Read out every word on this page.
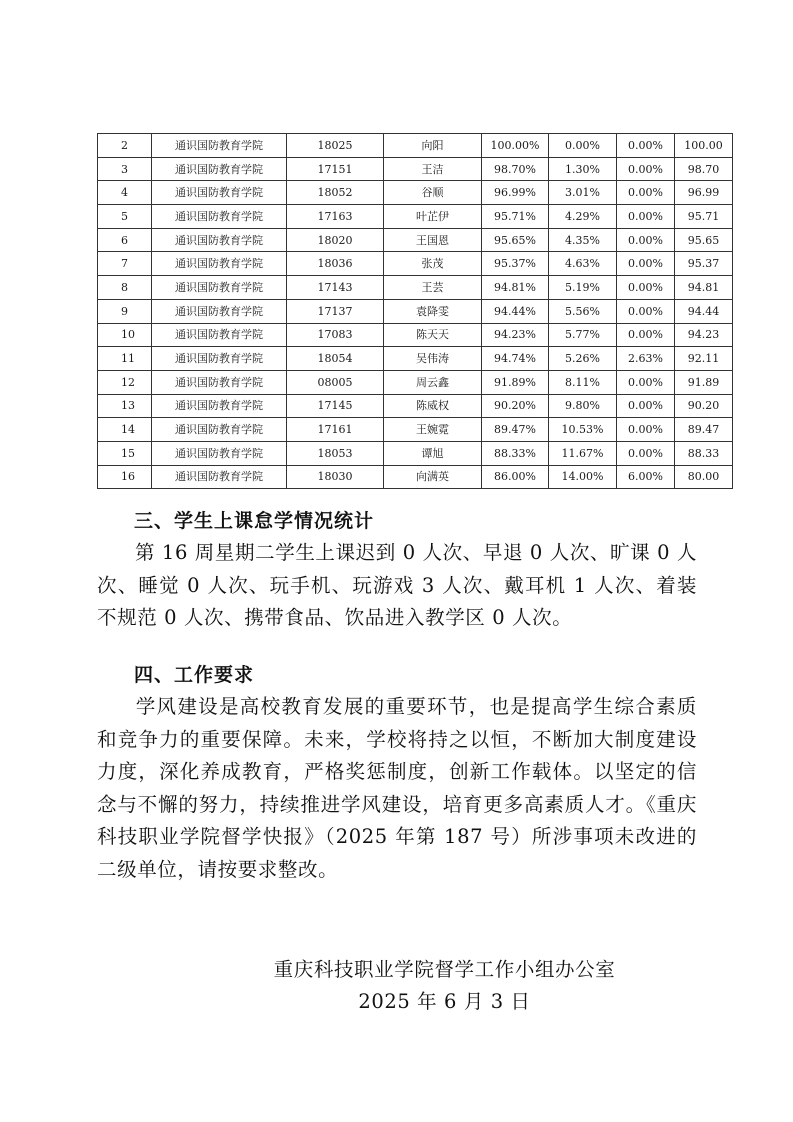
2	通识国防教育学院	18025	向阳	100.00%	0.00%	0.00%	100.00
3	通识国防教育学院	17151	王洁	98.70%	1.30%	0.00%	98.70
4	通识国防教育学院	18052	谷顺	96.99%	3.01%	0.00%	96.99
5	通识国防教育学院	17163	叶芷伊	95.71%	4.29%	0.00%	95.71
6	通识国防教育学院	18020	王国恩	95.65%	4.35%	0.00%	95.65
7	通识国防教育学院	18036	张茂	95.37%	4.63%	0.00%	95.37
8	通识国防教育学院	17143	王芸	94.81%	5.19%	0.00%	94.81
9	通识国防教育学院	17137	袁降雯	94.44%	5.56%	0.00%	94.44
10	通识国防教育学院	17083	陈天天	94.23%	5.77%	0.00%	94.23
11	通识国防教育学院	18054	吴伟涛	94.74%	5.26%	2.63%	92.11
12	通识国防教育学院	08005	周云鑫	91.89%	8.11%	0.00%	91.89
13	通识国防教育学院	17145	陈威权	90.20%	9.80%	0.00%	90.20
14	通识国防教育学院	17161	王婉霓	89.47%	10.53%	0.00%	89.47
15	通识国防教育学院	18053	谭旭	88.33%	11.67%	0.00%	88.33
16	通识国防教育学院	18030	向满英	86.00%	14.00%	6.00%	80.00
三、学生上课怠学情况统计

第 16 周星期二学生上课迟到 0 人次、早退 0 人次、旷课 0 人次、睡觉 0 人次、玩手机、玩游戏 3 人次、戴耳机 1 人次、着装不规范 0 人次、携带食品、饮品进入教学区 0 人次。

四、工作要求

学风建设是高校教育发展的重要环节，也是提高学生综合素质和竞争力的重要保障。未来，学校将持之以恒，不断加大制度建设力度，深化养成教育，严格奖惩制度，创新工作载体。以坚定的信念与不懈的努力，持续推进学风建设，培育更多高素质人才。《重庆科技职业学院督学快报》（2025 年第 187 号）所涉事项未改进的二级单位，请按要求整改。

重庆科技职业学院督学工作小组办公室

2025 年 6 月 3 日
